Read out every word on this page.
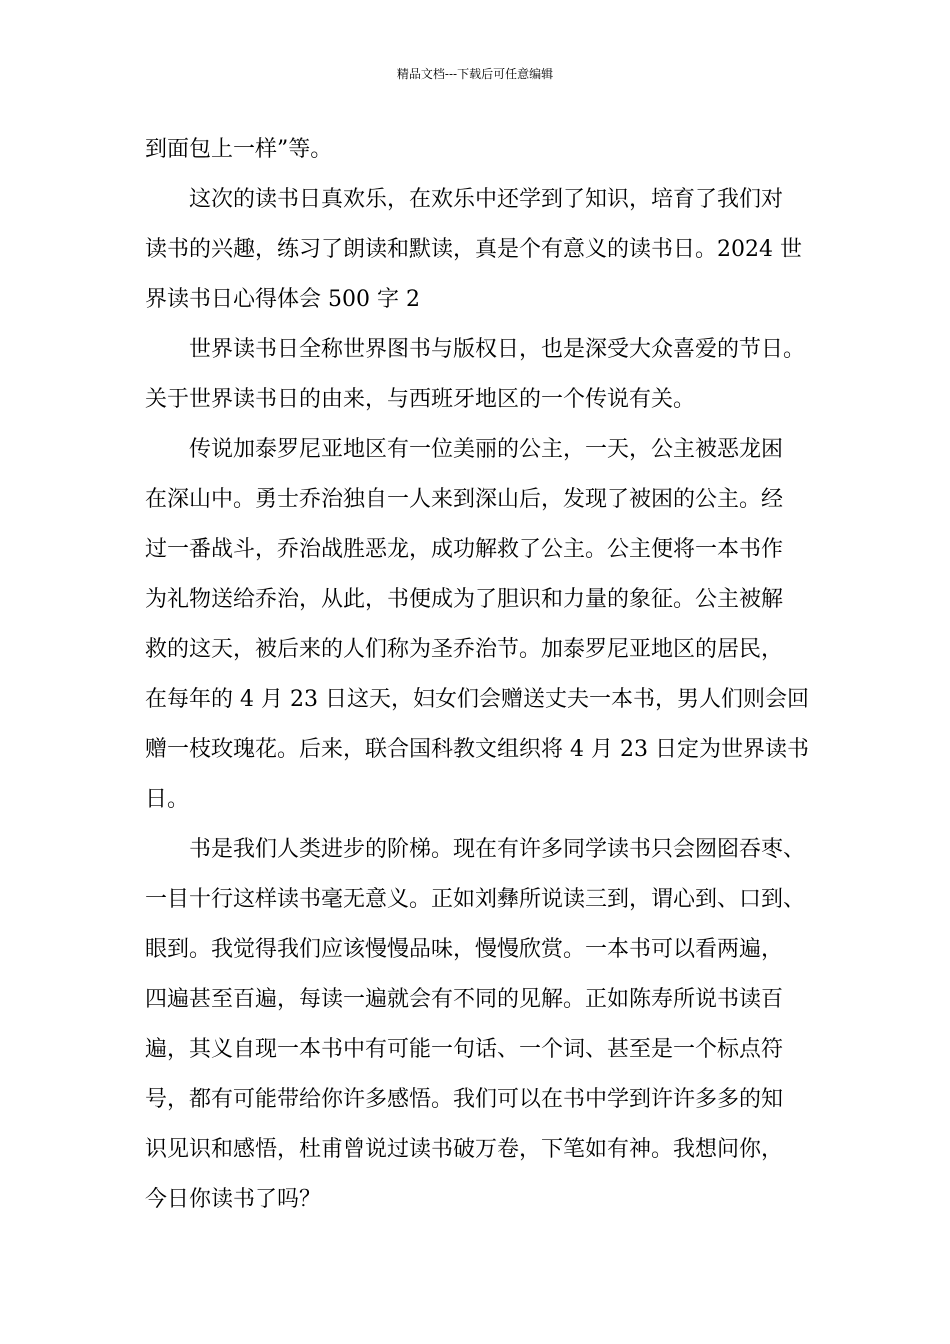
精品文档---下载后可任意编辑
到面包上一样”等。
　　这次的读书日真欢乐，在欢乐中还学到了知识，培育了我们对
读书的兴趣，练习了朗读和默读，真是个有意义的读书日。2024 世
界读书日心得体会 500 字 2
　　世界读书日全称世界图书与版权日，也是深受大众喜爱的节日。
关于世界读书日的由来，与西班牙地区的一个传说有关。
　　传说加泰罗尼亚地区有一位美丽的公主，一天，公主被恶龙困
在深山中。勇士乔治独自一人来到深山后，发现了被困的公主。经
过一番战斗，乔治战胜恶龙，成功解救了公主。公主便将一本书作
为礼物送给乔治，从此，书便成为了胆识和力量的象征。公主被解
救的这天，被后来的人们称为圣乔治节。加泰罗尼亚地区的居民，
在每年的 4 月 23 日这天，妇女们会赠送丈夫一本书，男人们则会回
赠一枝玫瑰花。后来，联合国科教文组织将 4 月 23 日定为世界读书
日。
　　书是我们人类进步的阶梯。现在有许多同学读书只会囫囵吞枣、
一目十行这样读书毫无意义。正如刘彝所说读三到，谓心到、口到、
眼到。我觉得我们应该慢慢品味，慢慢欣赏。一本书可以看两遍，
四遍甚至百遍，每读一遍就会有不同的见解。正如陈寿所说书读百
遍，其义自现一本书中有可能一句话、一个词、甚至是一个标点符
号，都有可能带给你许多感悟。我们可以在书中学到许许多多的知
识见识和感悟，杜甫曾说过读书破万卷，下笔如有神。我想问你，
今日你读书了吗？
